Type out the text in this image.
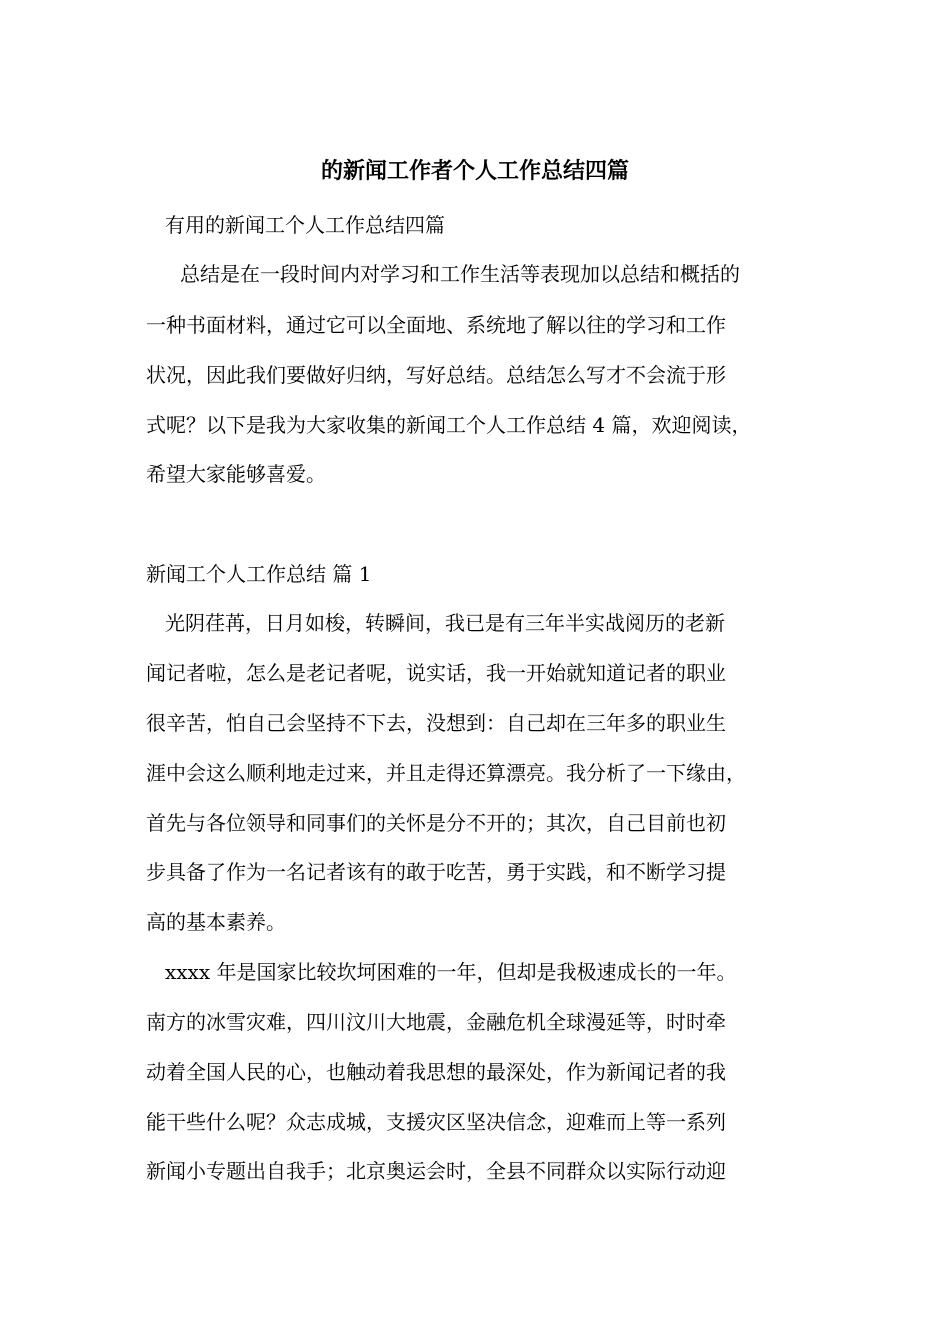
的新闻工作者个人工作总结四篇
有用的新闻工个人工作总结四篇
总结是在一段时间内对学习和工作生活等表现加以总结和概括的
一种书面材料，通过它可以全面地、系统地了解以往的学习和工作
状况，因此我们要做好归纳，写好总结。总结怎么写才不会流于形
式呢？以下是我为大家收集的新闻工个人工作总结 4 篇，欢迎阅读，
希望大家能够喜爱。
新闻工个人工作总结 篇 1
光阴荏苒，日月如梭，转瞬间，我已是有三年半实战阅历的老新
闻记者啦，怎么是老记者呢，说实话，我一开始就知道记者的职业
很辛苦，怕自己会坚持不下去，没想到：自己却在三年多的职业生
涯中会这么顺利地走过来，并且走得还算漂亮。我分析了一下缘由，
首先与各位领导和同事们的关怀是分不开的；其次，自己目前也初
步具备了作为一名记者该有的敢于吃苦，勇于实践，和不断学习提
高的基本素养。
xxxx 年是国家比较坎坷困难的一年，但却是我极速成长的一年。
南方的冰雪灾难，四川汶川大地震，金融危机全球漫延等，时时牵
动着全国人民的心，也触动着我思想的最深处，作为新闻记者的我
能干些什么呢？众志成城，支援灾区坚决信念，迎难而上等一系列
新闻小专题出自我手；北京奥运会时，全县不同群众以实际行动迎
